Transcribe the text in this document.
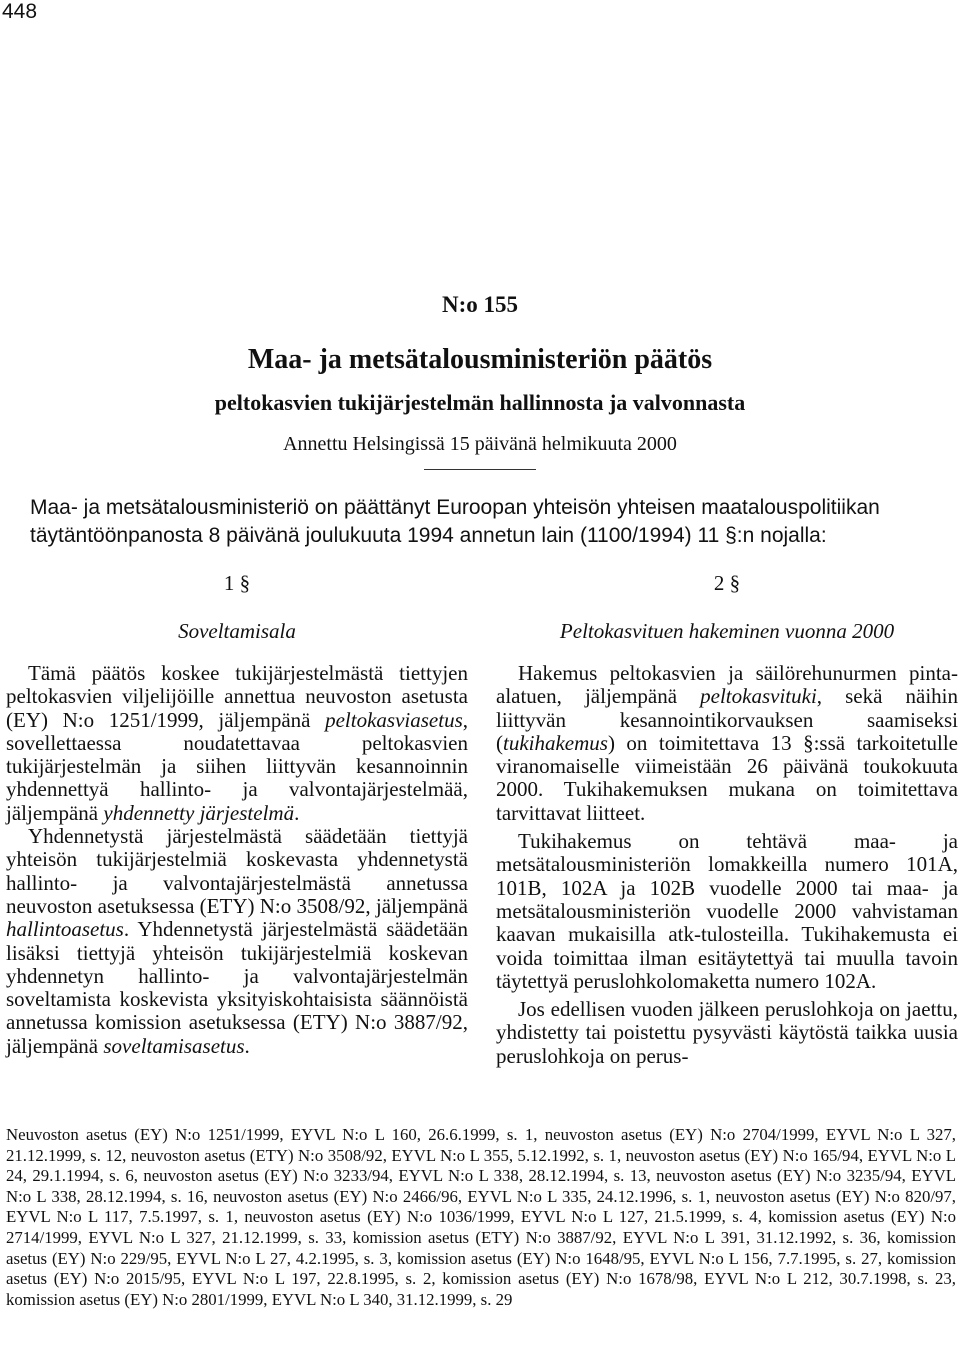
448
N:o 155
Maa- ja metsätalousministeriön päätös
peltokasvien tukijärjestelmän hallinnosta ja valvonnasta
Annettu Helsingissä 15 päivänä helmikuuta 2000
Maa- ja metsätalousministeriö on päättänyt Euroopan yhteisön yhteisen maatalouspolitiikan täytäntöönpanosta 8 päivänä joulukuuta 1994 annetun lain (1100/1994) 11 §:n nojalla:
1 §
Soveltamisala

Tämä päätös koskee tukijärjestelmästä tiettyjen peltokasvien viljelijöille annettua neuvoston asetusta (EY) N:o 1251/1999, jäljempänä peltokasviasetus, sovellettaessa noudatettavaa peltokasvien tukijärjestelmän ja siihen liittyvän kesannoinnin yhdennettyä hallinto- ja valvontajärjestelmää, jäljempänä yhdennetty järjestelmä.

Yhdennetystä järjestelmästä säädetään tiettyjä yhteisön tukijärjestelmiä koskevasta yhdennetystä hallinto- ja valvontajärjestelmästä annetussa neuvoston asetuksessa (ETY) N:o 3508/92, jäljempänä hallintoasetus. Yhdennetystä järjestelmästä säädetään lisäksi tiettyjä yhteisön tukijärjestelmiä koskevan yhdennetyn hallinto- ja valvontajärjestelmän soveltamista koskevista yksityiskohtaisista säännöistä annetussa komission asetuksessa (ETY) N:o 3887/92, jäljempänä soveltamisasetus.

2 §
Peltokasvituen hakeminen vuonna 2000

Hakemus peltokasvien ja säilörehunurmen pinta-alatuen, jäljempänä peltokasvituki, sekä näihin liittyvän kesannointikorvauksen saamiseksi (tukihakemus) on toimitettava 13 §:ssä tarkoitetulle viranomaiselle viimeistään 26 päivänä toukokuuta 2000. Tukihakemuksen mukana on toimitettava tarvittavat liitteet.

Tukihakemus on tehtävä maa- ja metsätalousministeriön lomakkeilla numero 101A, 101B, 102A ja 102B vuodelle 2000 tai maa- ja metsätalousministeriön vuodelle 2000 vahvistaman kaavan mukaisilla atk-tulosteilla. Tukihakemusta ei voida toimittaa ilman esitäytettyä tai muulla tavoin täytettyä peruslohkolomaketta numero 102A.

Jos edellisen vuoden jälkeen peruslohkoja on jaettu, yhdistetty tai poistettu pysyvästi käytöstä taikka uusia peruslohkoja on perus-

Neuvoston asetus (EY) N:o 1251/1999, EYVL N:o L 160, 26.6.1999, s. 1, neuvoston asetus (EY) N:o 2704/1999, EYVL N:o L 327, 21.12.1999, s. 12, neuvoston asetus (ETY) N:o 3508/92, EYVL N:o L 355, 5.12.1992, s. 1, neuvoston asetus (EY) N:o 165/94, EYVL N:o L 24, 29.1.1994, s. 6, neuvoston asetus (EY) N:o 3233/94, EYVL N:o L 338, 28.12.1994, s. 13, neuvoston asetus (EY) N:o 3235/94, EYVL N:o L 338, 28.12.1994, s. 16, neuvoston asetus (EY) N:o 2466/96, EYVL N:o L 335, 24.12.1996, s. 1, neuvoston asetus (EY) N:o 820/97, EYVL N:o L 117, 7.5.1997, s. 1, neuvoston asetus (EY) N:o 1036/1999, EYVL N:o L 127, 21.5.1999, s. 4, komission asetus (EY) N:o 2714/1999, EYVL N:o L 327, 21.12.1999, s. 33, komission asetus (ETY) N:o 3887/92, EYVL N:o L 391, 31.12.1992, s. 36, komission asetus (EY) N:o 229/95, EYVL N:o L 27, 4.2.1995, s. 3, komission asetus (EY) N:o 1648/95, EYVL N:o L 156, 7.7.1995, s. 27, komission asetus (EY) N:o 2015/95, EYVL N:o L 197, 22.8.1995, s. 2, komission asetus (EY) N:o 1678/98, EYVL N:o L 212, 30.7.1998, s. 23, komission asetus (EY) N:o 2801/1999, EYVL N:o L 340, 31.12.1999, s. 29
